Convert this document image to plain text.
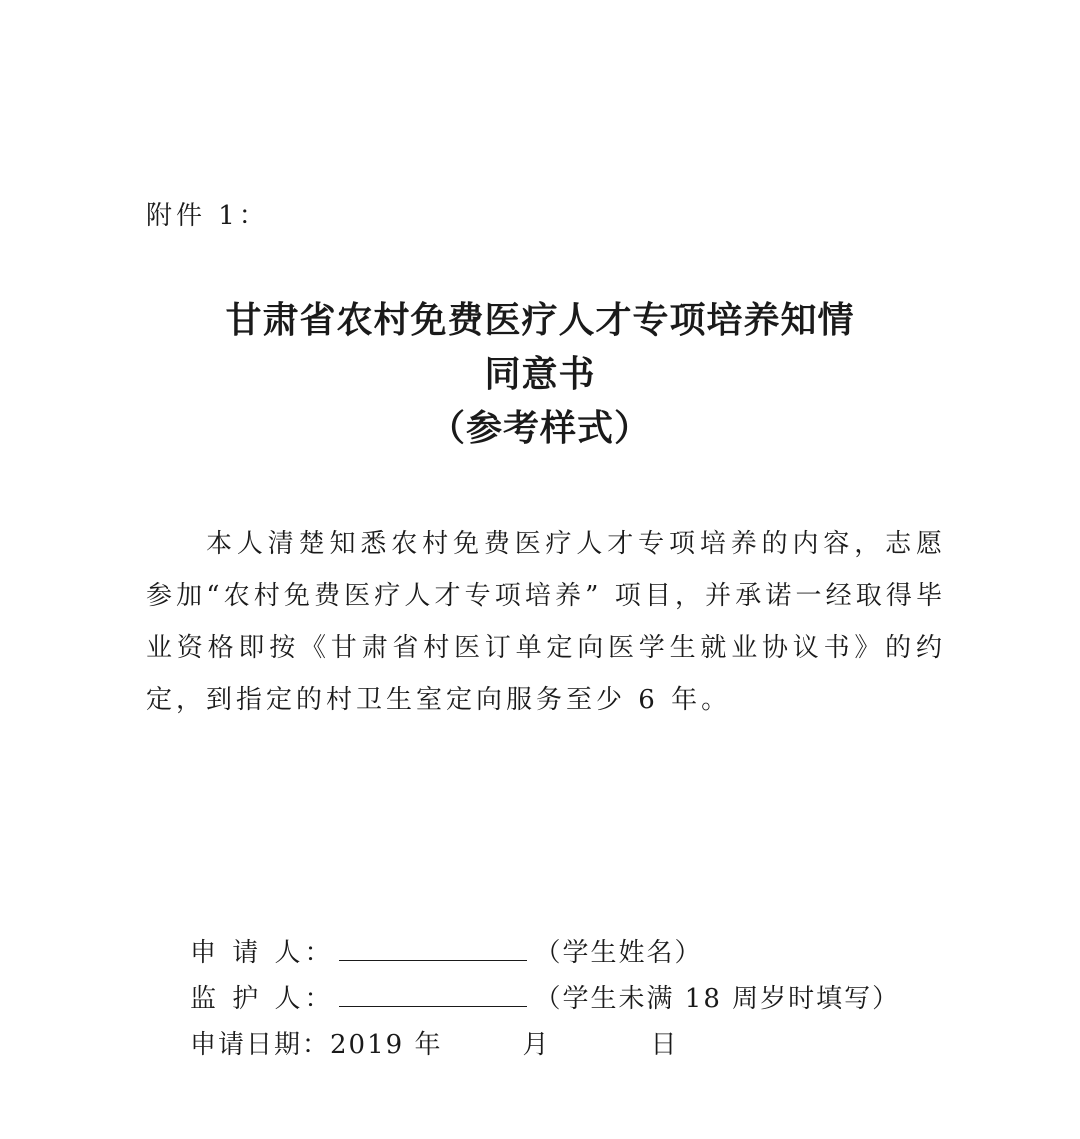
附件 1：
甘肃省农村免费医疗人才专项培养知情
同意书
（参考样式）
本人清楚知悉农村免费医疗人才专项培养的内容，志愿参加“农村免费医疗人才专项培养” 项目，并承诺一经取得毕业资格即按《甘肃省村医订单定向医学生就业协议书》的约定，到指定的村卫生室定向服务至少 6 年。
申 请 人：	（学生姓名）
监 护 人：	（学生未满 18 周岁时填写）
申请日期： 2019 年	月	日
